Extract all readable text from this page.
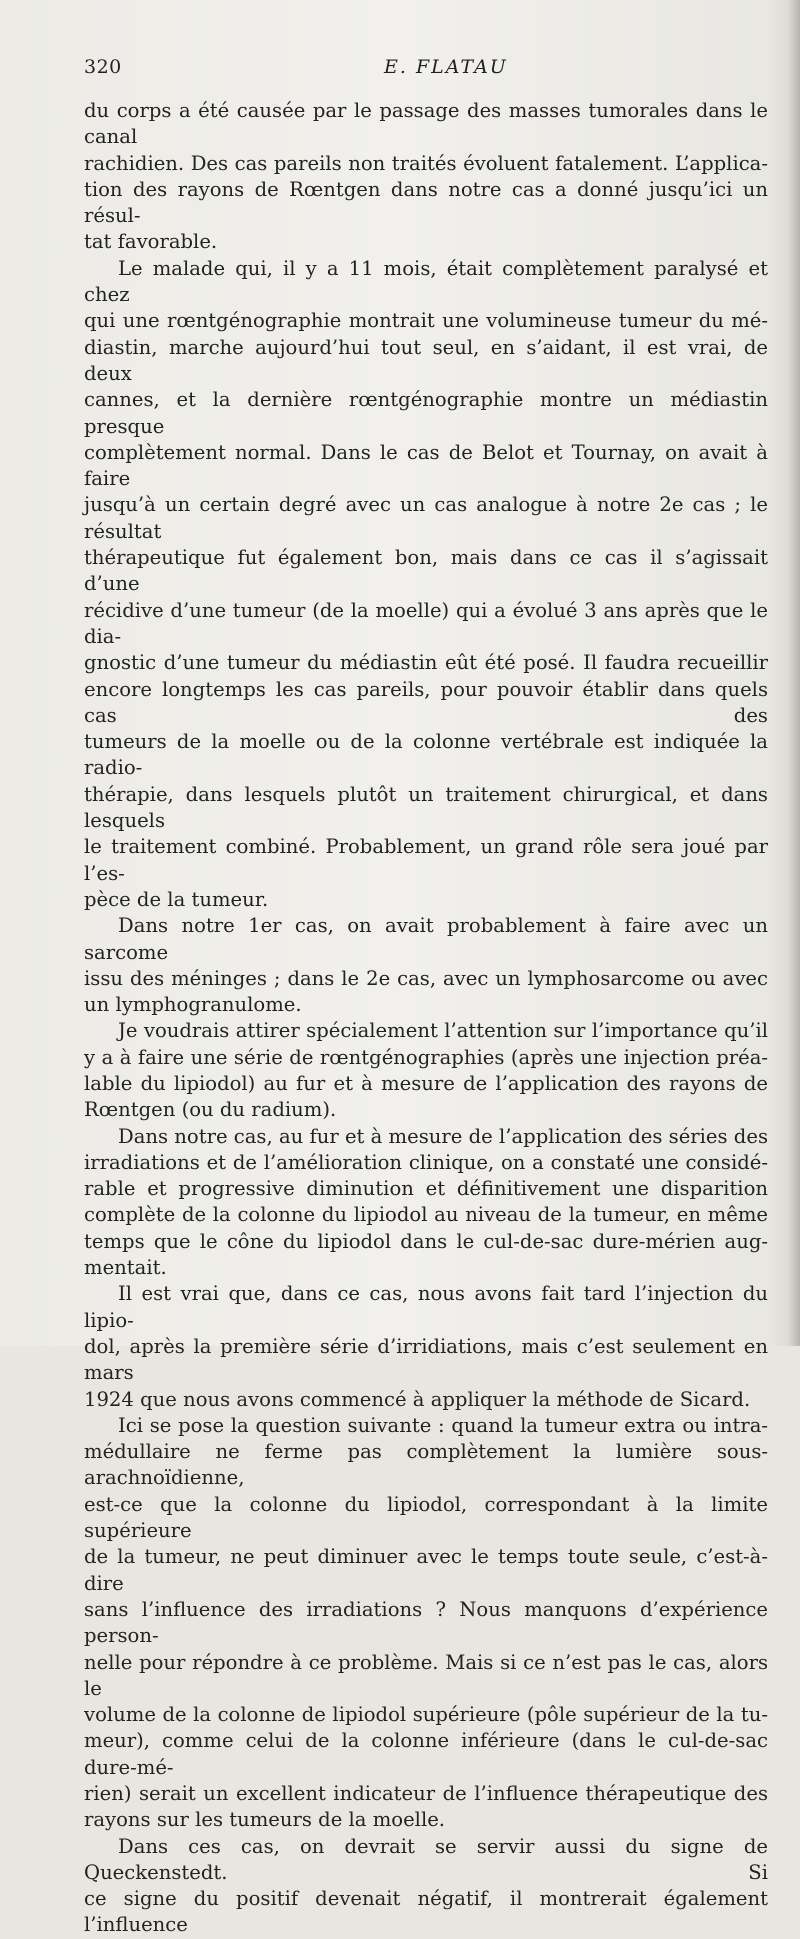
320	E. FLATAU

du corps a été causée par le passage des masses tumorales dans le canal
rachidien. Des cas pareils non traités évoluent fatalement. L’applica-
tion des rayons de Rœntgen dans notre cas a donné jusqu’ici un résul-
tat favorable.

Le malade qui, il y a 11 mois, était complètement paralysé et chez
qui une rœntgénographie montrait une volumineuse tumeur du mé-
diastin, marche aujourd’hui tout seul, en s’aidant, il est vrai, de deux
cannes, et la dernière rœntgénographie montre un médiastin presque
complètement normal. Dans le cas de Belot et Tournay, on avait à faire
jusqu’à un certain degré avec un cas analogue à notre 2e cas ; le résultat
thérapeutique fut également bon, mais dans ce cas il s’agissait d’une
récidive d’une tumeur (de la moelle) qui a évolué 3 ans après que le dia-
gnostic d’une tumeur du médiastin eût été posé. Il faudra recueillir
encore longtemps les cas pareils, pour pouvoir établir dans quels cas des
tumeurs de la moelle ou de la colonne vertébrale est indiquée la radio-
thérapie, dans lesquels plutôt un traitement chirurgical, et dans lesquels
le traitement combiné. Probablement, un grand rôle sera joué par l’es-
pèce de la tumeur.

Dans notre 1er cas, on avait probablement à faire avec un sarcome
issu des méninges ; dans le 2e cas, avec un lymphosarcome ou avec
un lymphogranulome.

Je voudrais attirer spécialement l’attention sur l’importance qu’il
y a à faire une série de rœntgénographies (après une injection préa-
lable du lipiodol) au fur et à mesure de l’application des rayons de
Rœntgen (ou du radium).

Dans notre cas, au fur et à mesure de l’application des séries des
irradiations et de l’amélioration clinique, on a constaté une considé-
rable et progressive diminution et définitivement une disparition
complète de la colonne du lipiodol au niveau de la tumeur, en même
temps que le cône du lipiodol dans le cul-de-sac dure-mérien aug-
mentait.

Il est vrai que, dans ce cas, nous avons fait tard l’injection du lipio-
dol, après la première série d’irridiations, mais c’est seulement en mars
1924 que nous avons commencé à appliquer la méthode de Sicard.

Ici se pose la question suivante : quand la tumeur extra ou intra-
médullaire ne ferme pas complètement la lumière sous-arachnoïdienne,
est-ce que la colonne du lipiodol, correspondant à la limite supérieure
de la tumeur, ne peut diminuer avec le temps toute seule, c’est-à-dire
sans l’influence des irradiations ? Nous manquons d’expérience person-
nelle pour répondre à ce problème. Mais si ce n’est pas le cas, alors le
volume de la colonne de lipiodol supérieure (pôle supérieur de la tu-
meur), comme celui de la colonne inférieure (dans le cul-de-sac dure-mé-
rien) serait un excellent indicateur de l’influence thérapeutique des
rayons sur les tumeurs de la moelle.

Dans ces cas, on devrait se servir aussi du signe de Queckenstedt. Si
ce signe du positif devenait négatif, il montrerait également l’influence
